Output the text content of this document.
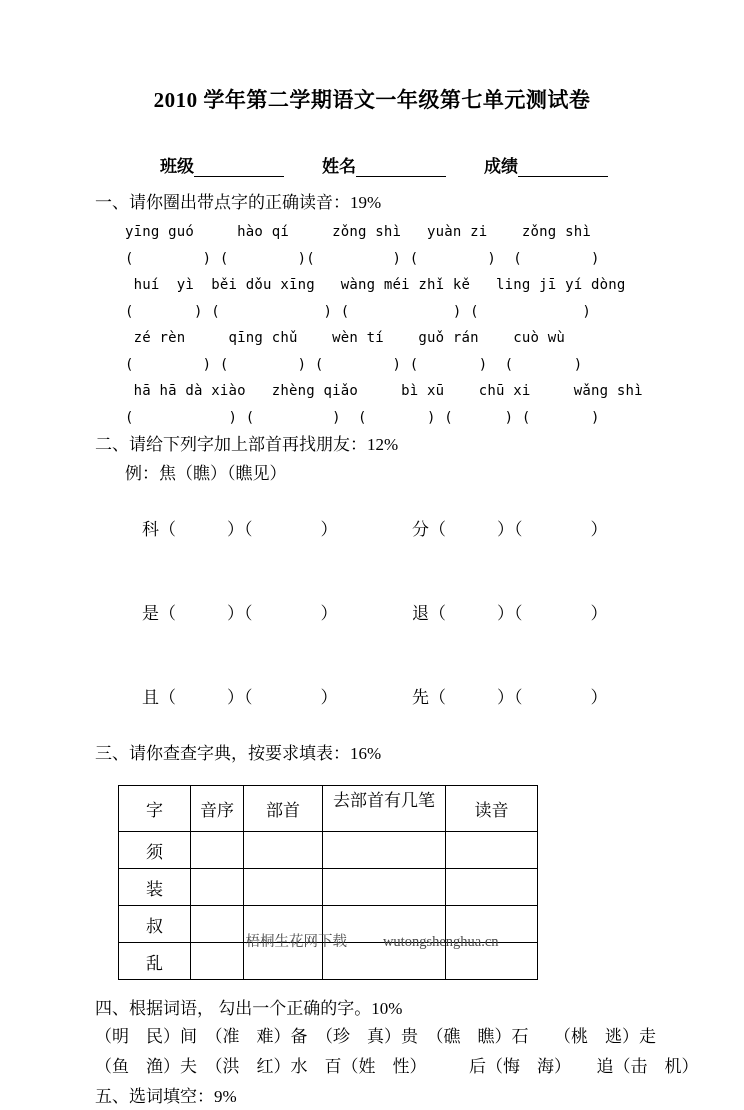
2010 学年第二学期语文一年级第七单元测试卷
班级	姓名	成绩
一、请你圈出带点字的正确读音：19%
yīng guó     hào qí     zǒng shì   yuàn zi    zǒng shì
(        ) (        )(         ) (        )  (        )
huí  yì  běi dǒu xīng   wàng méi zhǐ kě   ling jī yí dòng
(       ) (            ) (            ) (            )
zé rèn     qīng chǔ    wèn tí    guǒ rán    cuò wù
(        ) (        ) (        ) (       )  (       )
hā hā dà xiào   zhèng qiǎo     bì xū    chū xi     wǎng shì
(           ) (         )  (       ) (      ) (       )
二、请给下列字加上部首再找朋友：12%
例：焦（瞧）（瞧见）

科（　　　）（　　　　）	分（　　　）（　　　　）

是（　　　）（　　　　）	退（　　　）（　　　　）

且（　　　）（　　　　）	先（　　　）（　　　　）

三、请你查查字典，按要求填表：16%
字	音序	部首	去部首有几笔	读音
须				
装				
叔				
乱				
四、根据词语， 勾出一个正确的字。10%
（明　民）间　（准　难）备　（珍　真）贵　（礁　瞧）石　　（桃　逃）走
（鱼　渔）夫　（洪　红）水　百（姓　性）　　　后（悔　海）　　追（击　机）
五、选词填空：9%
梧桐生花网下载 wutongshenghua.cn
